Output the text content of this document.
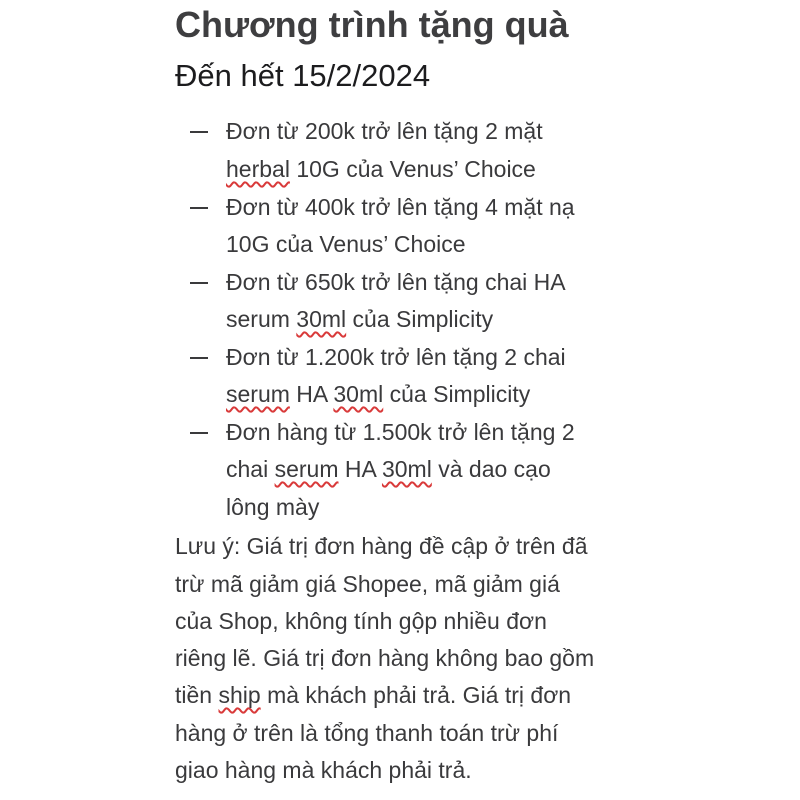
Chương trình tặng quà
Đến hết 15/2/2024
Đơn từ 200k trở lên tặng 2 mặt
herbal 10G của Venus’ Choice
Đơn từ 400k trở lên tặng 4 mặt nạ
10G của Venus’ Choice
Đơn từ 650k trở lên tặng chai HA
serum 30ml của Simplicity
Đơn từ 1.200k trở lên tặng 2 chai
serum HA 30ml của Simplicity
Đơn hàng từ 1.500k trở lên tặng 2
chai serum HA 30ml và dao cạo
lông mày
Lưu ý: Giá trị đơn hàng đề cập ở trên đã
trừ mã giảm giá Shopee, mã giảm giá
của Shop, không tính gộp nhiều đơn
riêng lẽ. Giá trị đơn hàng không bao gồm
tiền ship mà khách phải trả. Giá trị đơn
hàng ở trên là tổng thanh toán trừ phí
giao hàng mà khách phải trả.
